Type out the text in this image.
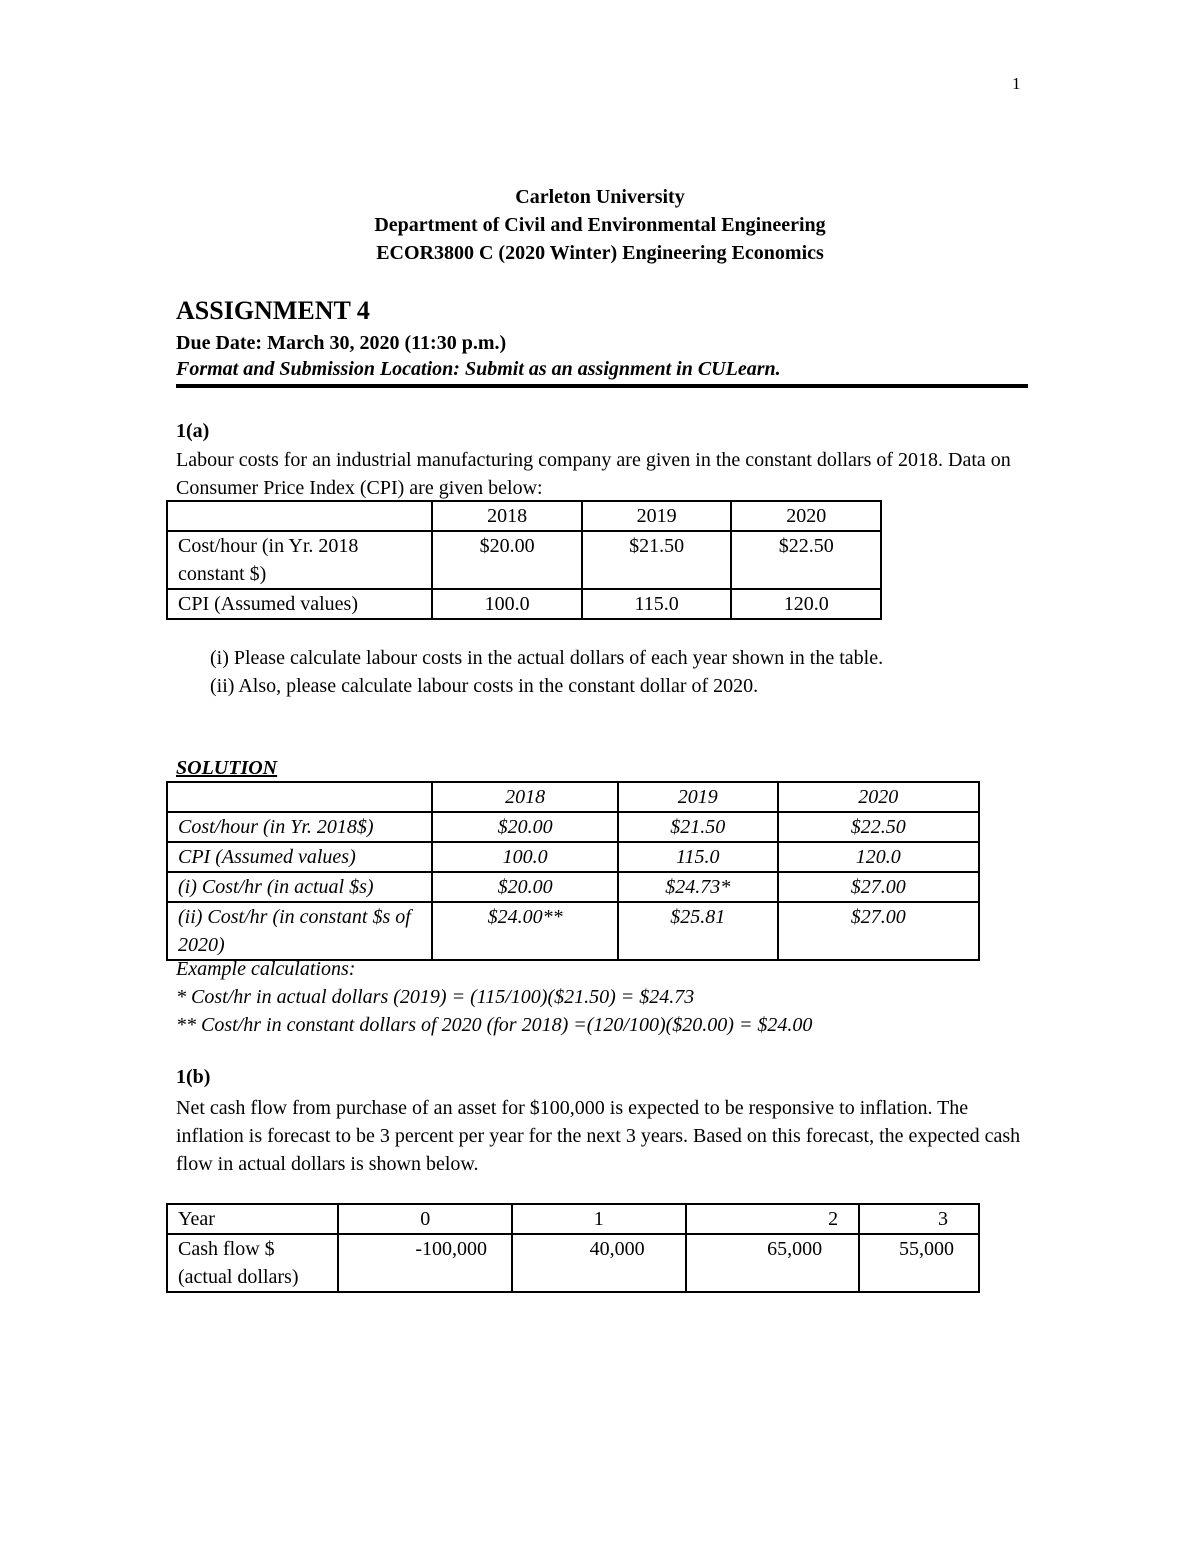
1
Carleton University
Department of Civil and Environmental Engineering
ECOR3800 C (2020 Winter) Engineering Economics
ASSIGNMENT 4
Due Date: March 30, 2020 (11:30 p.m.)
Format and Submission Location: Submit as an assignment in CULearn.
1(a)
Labour costs for an industrial manufacturing company are given in the constant dollars of 2018. Data on Consumer Price Index (CPI) are given below:
	2018	2019	2020
Cost/hour (in Yr. 2018 constant $)	$20.00	$21.50	$22.50
CPI (Assumed values)	100.0	115.0	120.0
(i) Please calculate labour costs in the actual dollars of each year shown in the table.
(ii) Also, please calculate labour costs in the constant dollar of 2020.
SOLUTION
	2018	2019	2020
Cost/hour (in Yr. 2018$)	$20.00	$21.50	$22.50
CPI (Assumed values)	100.0	115.0	120.0
(i) Cost/hr (in actual $s)	$20.00	$24.73*	$27.00
(ii) Cost/hr (in constant $s of 2020)	$24.00**	$25.81	$27.00
Example calculations:
* Cost/hr in actual dollars (2019) = (115/100)($21.50) = $24.73
** Cost/hr in constant dollars of 2020 (for 2018) =(120/100)($20.00) = $24.00
1(b)
Net cash flow from purchase of an asset for $100,000 is expected to be responsive to inflation. The inflation is forecast to be 3 percent per year for the next 3 years. Based on this forecast, the expected cash flow in actual dollars is shown below.
Year	0	1	2	3
Cash flow $ (actual dollars)	-100,000	40,000	65,000	55,000
